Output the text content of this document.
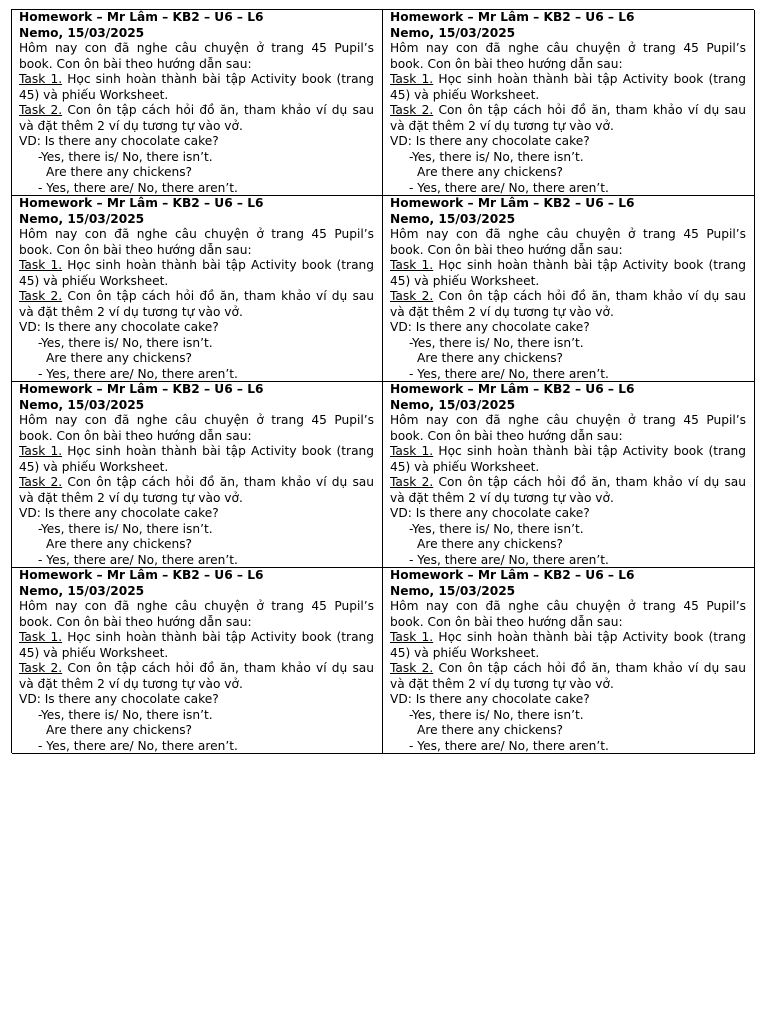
Homework – Mr Lâm – KB2 – U6 – L6
Nemo, 15/03/2025
Hôm nay con đã nghe câu chuyện ở trang 45 Pupil’s book. Con ôn bài theo hướng dẫn sau:
Task 1. Học sinh hoàn thành bài tập Activity book (trang 45) và phiếu Worksheet.
Task 2. Con ôn tập cách hỏi đồ ăn, tham khảo ví dụ sau và đặt thêm 2 ví dụ tương tự vào vở.
VD: Is there any chocolate cake?
-Yes, there is/ No, there isn’t.
Are there any chickens?
- Yes, there are/ No, there aren’t.
Homework – Mr Lâm – KB2 – U6 – L6
Nemo, 15/03/2025
Hôm nay con đã nghe câu chuyện ở trang 45 Pupil’s book. Con ôn bài theo hướng dẫn sau:
Task 1. Học sinh hoàn thành bài tập Activity book (trang 45) và phiếu Worksheet.
Task 2. Con ôn tập cách hỏi đồ ăn, tham khảo ví dụ sau và đặt thêm 2 ví dụ tương tự vào vở.
VD: Is there any chocolate cake?
-Yes, there is/ No, there isn’t.
Are there any chickens?
- Yes, there are/ No, there aren’t.
Homework – Mr Lâm – KB2 – U6 – L6
Nemo, 15/03/2025
Hôm nay con đã nghe câu chuyện ở trang 45 Pupil’s book. Con ôn bài theo hướng dẫn sau:
Task 1. Học sinh hoàn thành bài tập Activity book (trang 45) và phiếu Worksheet.
Task 2. Con ôn tập cách hỏi đồ ăn, tham khảo ví dụ sau và đặt thêm 2 ví dụ tương tự vào vở.
VD: Is there any chocolate cake?
-Yes, there is/ No, there isn’t.
Are there any chickens?
- Yes, there are/ No, there aren’t.
Homework – Mr Lâm – KB2 – U6 – L6
Nemo, 15/03/2025
Hôm nay con đã nghe câu chuyện ở trang 45 Pupil’s book. Con ôn bài theo hướng dẫn sau:
Task 1. Học sinh hoàn thành bài tập Activity book (trang 45) và phiếu Worksheet.
Task 2. Con ôn tập cách hỏi đồ ăn, tham khảo ví dụ sau và đặt thêm 2 ví dụ tương tự vào vở.
VD: Is there any chocolate cake?
-Yes, there is/ No, there isn’t.
Are there any chickens?
- Yes, there are/ No, there aren’t.
Homework – Mr Lâm – KB2 – U6 – L6
Nemo, 15/03/2025
Hôm nay con đã nghe câu chuyện ở trang 45 Pupil’s book. Con ôn bài theo hướng dẫn sau:
Task 1. Học sinh hoàn thành bài tập Activity book (trang 45) và phiếu Worksheet.
Task 2. Con ôn tập cách hỏi đồ ăn, tham khảo ví dụ sau và đặt thêm 2 ví dụ tương tự vào vở.
VD: Is there any chocolate cake?
-Yes, there is/ No, there isn’t.
Are there any chickens?
- Yes, there are/ No, there aren’t.
Homework – Mr Lâm – KB2 – U6 – L6
Nemo, 15/03/2025
Hôm nay con đã nghe câu chuyện ở trang 45 Pupil’s book. Con ôn bài theo hướng dẫn sau:
Task 1. Học sinh hoàn thành bài tập Activity book (trang 45) và phiếu Worksheet.
Task 2. Con ôn tập cách hỏi đồ ăn, tham khảo ví dụ sau và đặt thêm 2 ví dụ tương tự vào vở.
VD: Is there any chocolate cake?
-Yes, there is/ No, there isn’t.
Are there any chickens?
- Yes, there are/ No, there aren’t.
Homework – Mr Lâm – KB2 – U6 – L6
Nemo, 15/03/2025
Hôm nay con đã nghe câu chuyện ở trang 45 Pupil’s book. Con ôn bài theo hướng dẫn sau:
Task 1. Học sinh hoàn thành bài tập Activity book (trang 45) và phiếu Worksheet.
Task 2. Con ôn tập cách hỏi đồ ăn, tham khảo ví dụ sau và đặt thêm 2 ví dụ tương tự vào vở.
VD: Is there any chocolate cake?
-Yes, there is/ No, there isn’t.
Are there any chickens?
- Yes, there are/ No, there aren’t.
Homework – Mr Lâm – KB2 – U6 – L6
Nemo, 15/03/2025
Hôm nay con đã nghe câu chuyện ở trang 45 Pupil’s book. Con ôn bài theo hướng dẫn sau:
Task 1. Học sinh hoàn thành bài tập Activity book (trang 45) và phiếu Worksheet.
Task 2. Con ôn tập cách hỏi đồ ăn, tham khảo ví dụ sau và đặt thêm 2 ví dụ tương tự vào vở.
VD: Is there any chocolate cake?
-Yes, there is/ No, there isn’t.
Are there any chickens?
- Yes, there are/ No, there aren’t.
